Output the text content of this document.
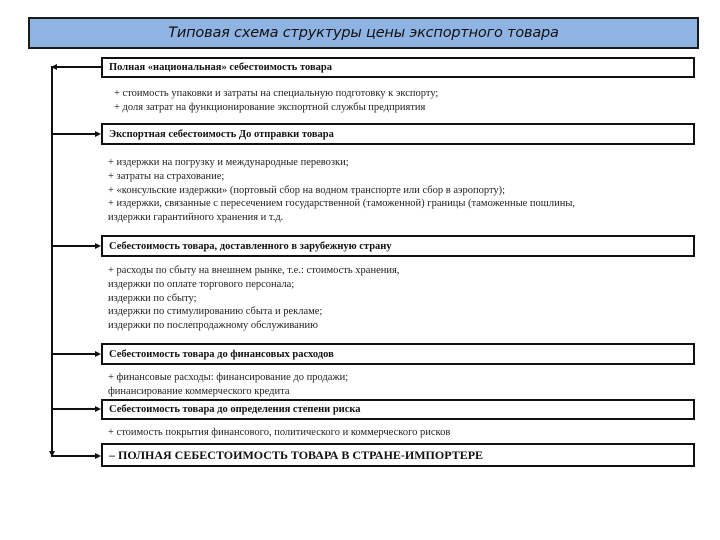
Типовая схема структуры цены экспортного товара
Полная «национальная» себестоимость товара
+ стоимость упаковки и затраты на специальную подготовку к экспорту;
+ доля затрат на функционирование экспортной службы предприятия
Экспортная себестоимость До отправки товара
+ издержки на погрузку и международные перевозки;
+ затраты на страхование;
+ «консульские издержки» (портовый сбор на водном транспорте или сбор в аэропорту);
+ издержки, связанные с пересечением государственной (таможенной) границы (таможенные пошлины,
издержки гарантийного хранения и т.д.
Себестоимость товара, доставленного в зарубежную страну
+ расходы по сбыту на внешнем рынке, т.е.: стоимость хранения,
издержки по оплате торгового персонала;
издержки по сбыту;
издержки по стимулированию сбыта и рекламе;
издержки по послепродажному обслуживанию
Себестоимость товара до финансовых расходов
+ финансовые расходы: финансирование до продажи;
финансирование коммерческого кредита
Себестоимость товара до определения степени риска
+ стоимость покрытия финансового, политического и коммерческого рисков
– ПОЛНАЯ СЕБЕСТОИМОСТЬ ТОВАРА В СТРАНЕ-ИМПОРТЕРЕ
